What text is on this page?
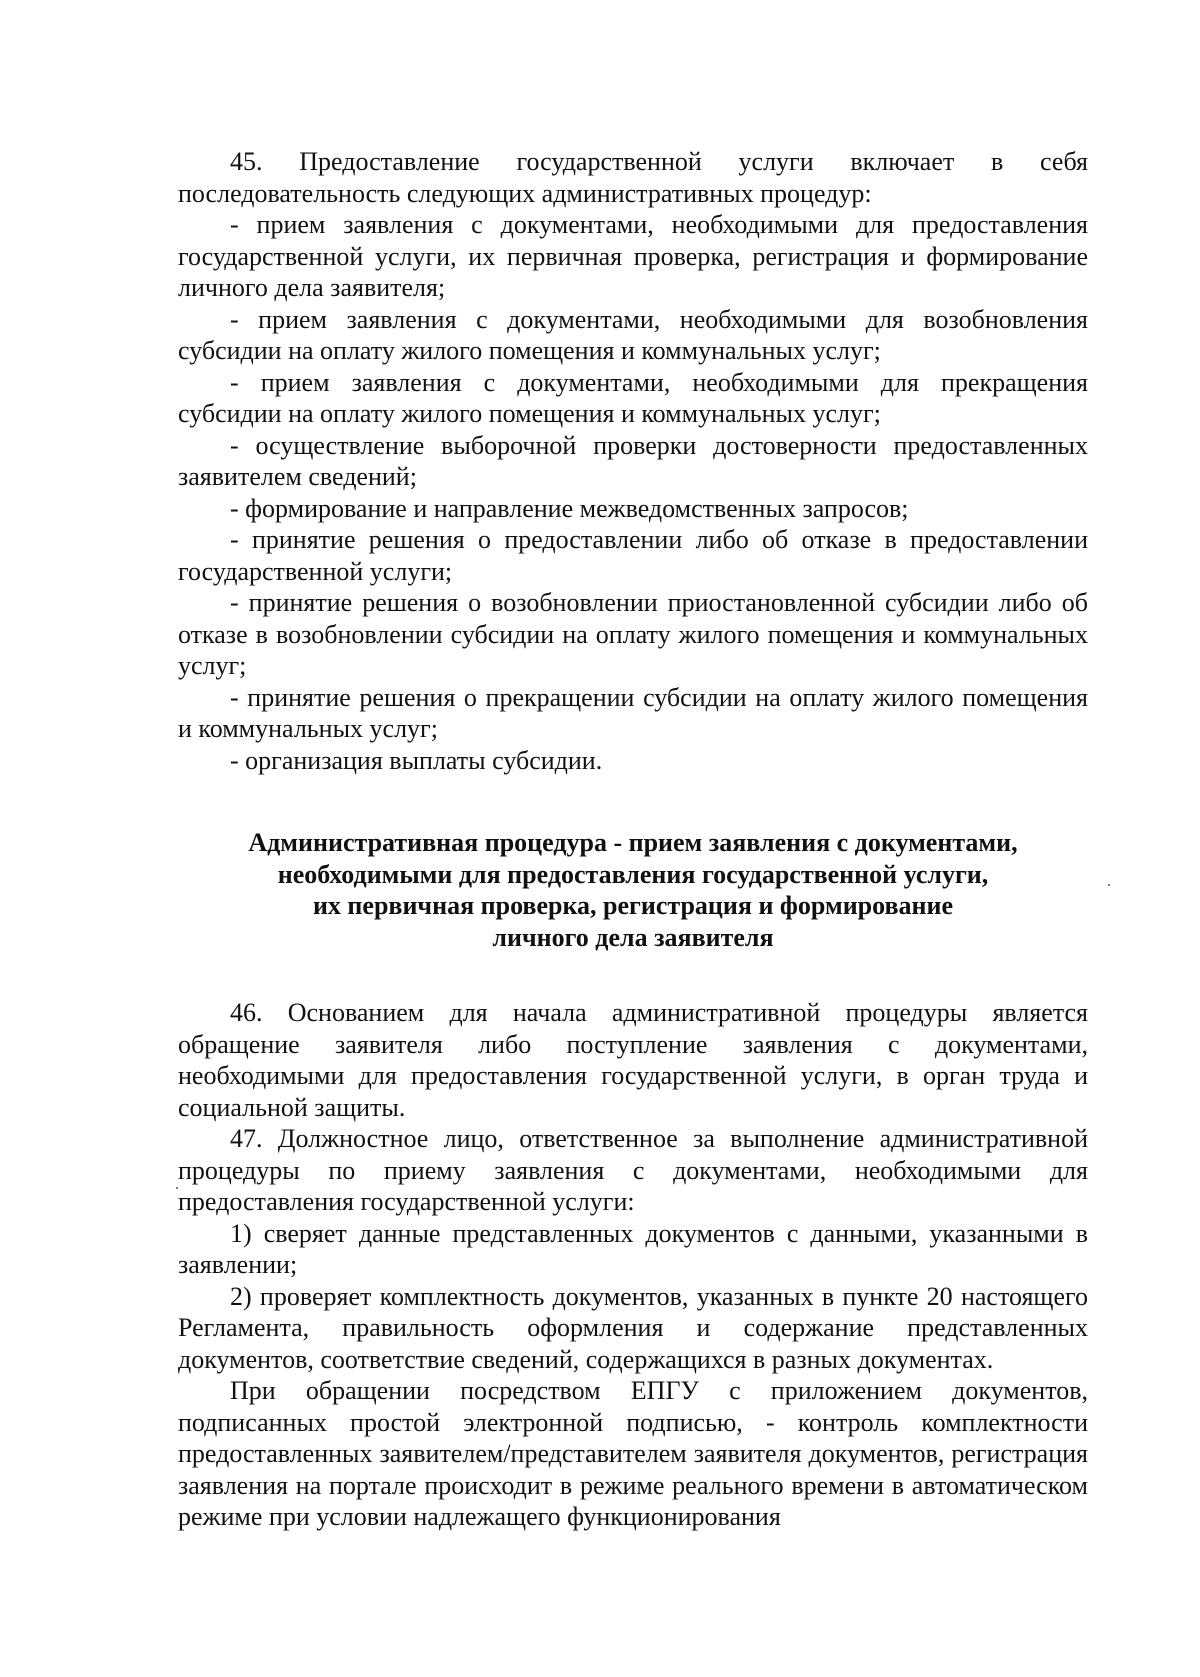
45. Предоставление государственной услуги включает в себя последовательность следующих административных процедур:

- прием заявления с документами, необходимыми для предоставления государственной услуги, их первичная проверка, регистрация и формирование личного дела заявителя;

- прием заявления с документами, необходимыми для возобновления субсидии на оплату жилого помещения и коммунальных услуг;

- прием заявления с документами, необходимыми для прекращения субсидии на оплату жилого помещения и коммунальных услуг;

- осуществление выборочной проверки достоверности предоставленных заявителем сведений;

- формирование и направление межведомственных запросов;

- принятие решения о предоставлении либо об отказе в предоставлении государственной услуги;

- принятие решения о возобновлении приостановленной субсидии либо об отказе в возобновлении субсидии на оплату жилого помещения и коммунальных услуг;

- принятие решения о прекращении субсидии на оплату жилого помещения и коммунальных услуг;

- организация выплаты субсидии.

Административная процедура - прием заявления с документами,
необходимыми для предоставления государственной услуги,
их первичная проверка, регистрация и формирование
личного дела заявителя

46. Основанием для начала административной процедуры является обращение заявителя либо поступление заявления с документами, необходимыми для предоставления государственной услуги, в орган труда и социальной защиты.

47. Должностное лицо, ответственное за выполнение административной процедуры по приему заявления с документами, необходимыми для предоставления государственной услуги:

1) сверяет данные представленных документов с данными, указанными в заявлении;

2) проверяет комплектность документов, указанных в пункте 20 настоящего Регламента, правильность оформления и содержание представленных документов, соответствие сведений, содержащихся в разных документах.

При обращении посредством ЕПГУ с приложением документов, подписанных простой электронной подписью, - контроль комплектности предоставленных заявителем/представителем заявителя документов, регистрация заявления на портале происходит в режиме реального времени в автоматическом режиме при условии надлежащего функционирования
